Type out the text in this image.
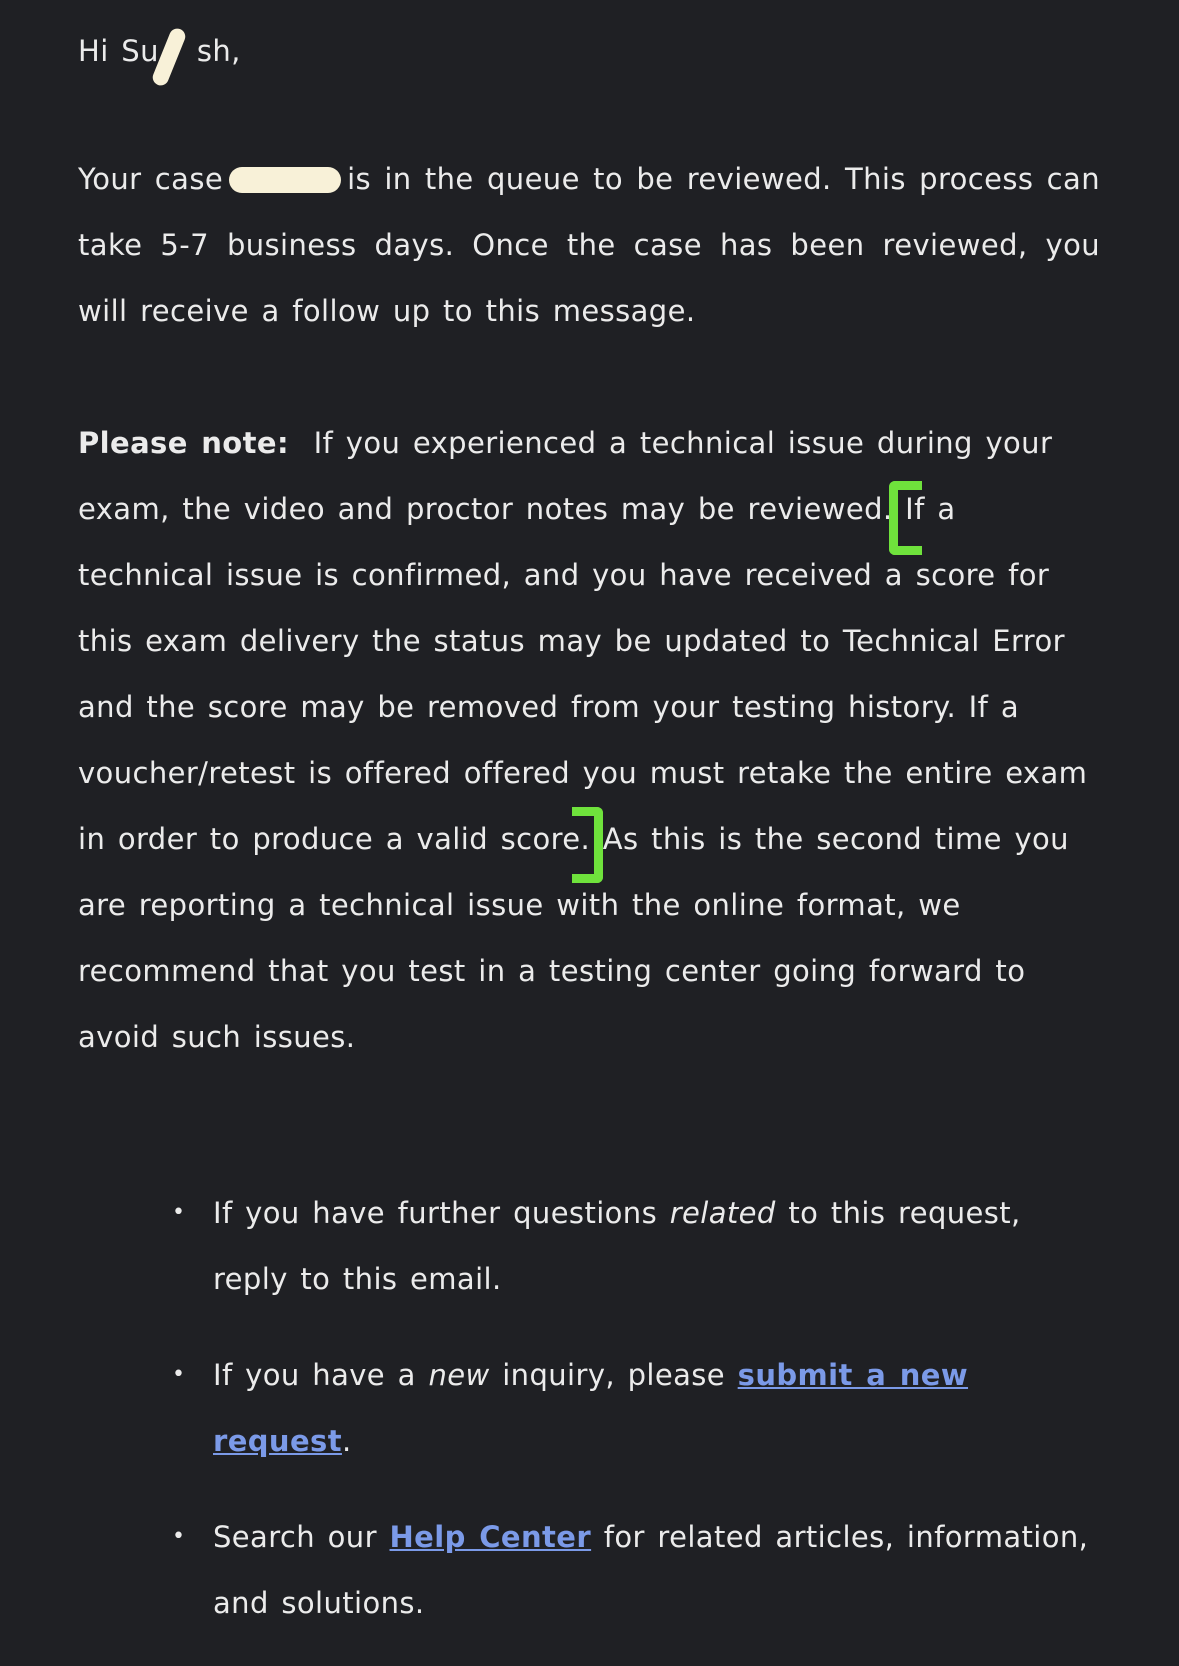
Hi Su sh,

Your case	is in the queue to be reviewed. This process can take 5-7 business days. Once the case has been reviewed, you will receive a follow up to this message.

Please note: If you experienced a technical issue during your exam, the video and proctor notes may be reviewed. If a technical issue is confirmed, and you have received a score for this exam delivery the status may be updated to Technical Error and the score may be removed from your testing history. If a voucher/retest is offered offered you must retake the entire exam in order to produce a valid score. As this is the second time you are reporting a technical issue with the online format, we recommend that you test in a testing center going forward to avoid such issues.

• If you have further questions related to this request, reply to this email.
• If you have a new inquiry, please submit a new request.
• Search our Help Center for related articles, information, and solutions.
